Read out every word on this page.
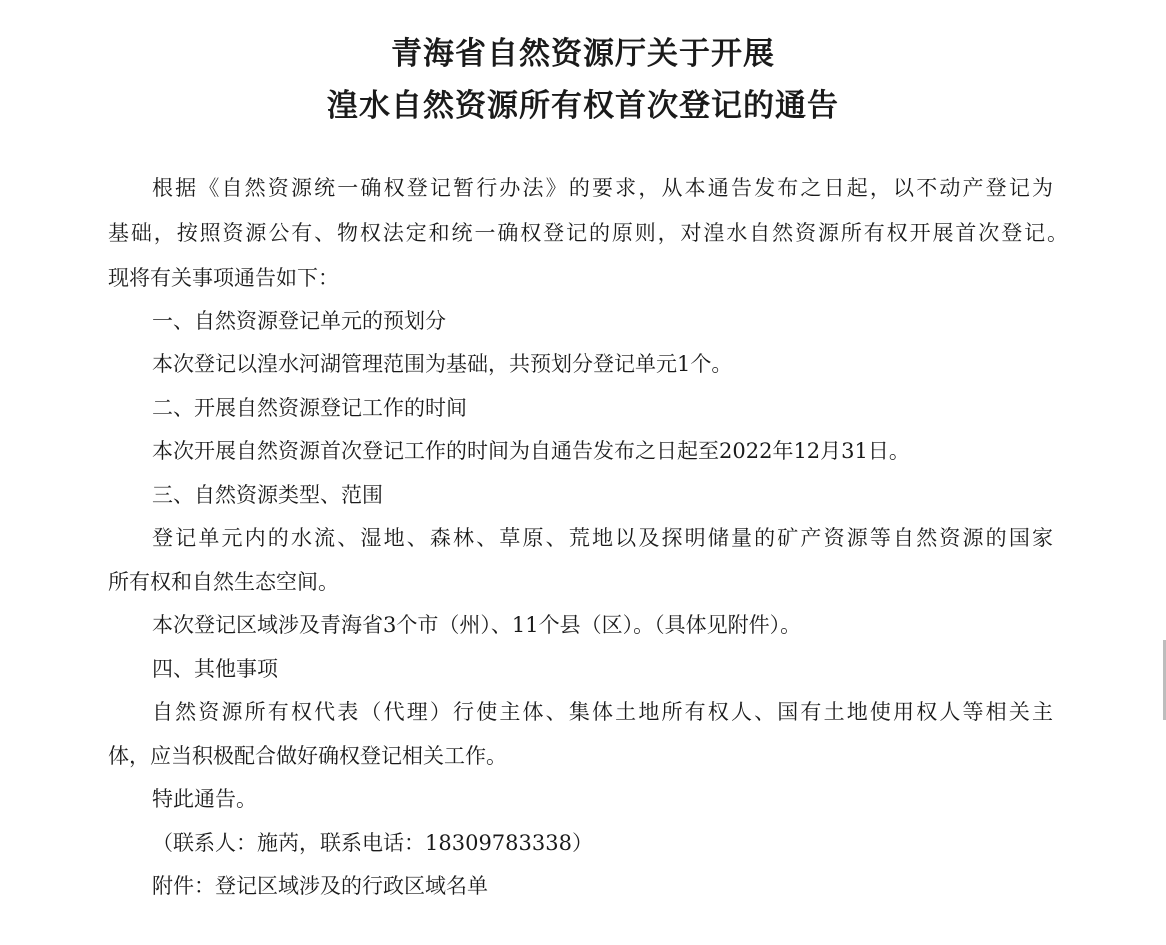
青海省自然资源厅关于开展
湟水自然资源所有权首次登记的通告
根据《自然资源统一确权登记暂行办法》的要求，从本通告发布之日起，以不动产登记为
基础，按照资源公有、物权法定和统一确权登记的原则，对湟水自然资源所有权开展首次登记。
现将有关事项通告如下：
一、自然资源登记单元的预划分
本次登记以湟水河湖管理范围为基础，共预划分登记单元1个。
二、开展自然资源登记工作的时间
本次开展自然资源首次登记工作的时间为自通告发布之日起至2022年12月31日。
三、自然资源类型、范围
登记单元内的水流、湿地、森林、草原、荒地以及探明储量的矿产资源等自然资源的国家
所有权和自然生态空间。
本次登记区域涉及青海省3个市（州）、11个县（区）。（具体见附件）。
四、其他事项
自然资源所有权代表（代理）行使主体、集体土地所有权人、国有土地使用权人等相关主
体，应当积极配合做好确权登记相关工作。
特此通告。
（联系人：施芮，联系电话：18309783338）
附件：登记区域涉及的行政区域名单
